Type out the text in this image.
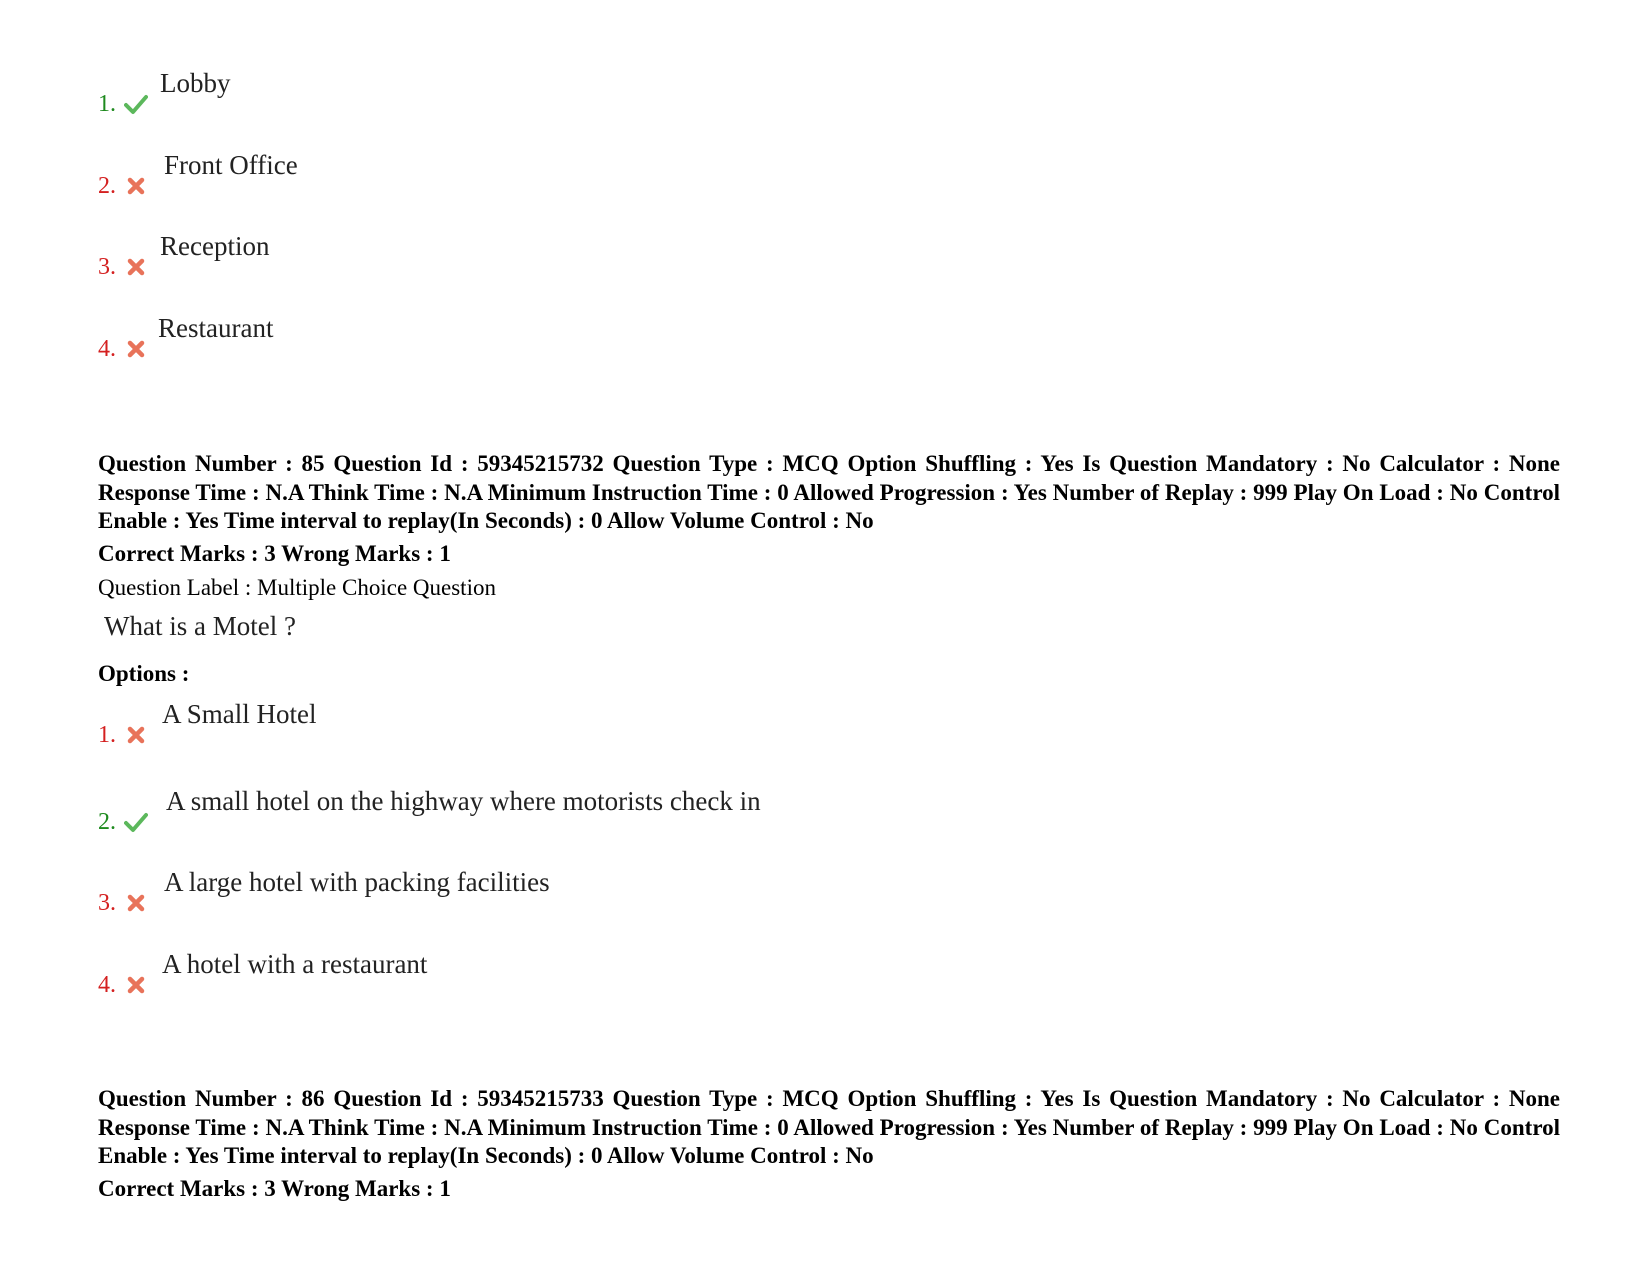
1.
Lobby
2.
Front Office
3.
Reception
4.
Restaurant
Question Number : 85 Question Id : 59345215732 Question Type : MCQ Option Shuffling : Yes Is Question Mandatory : No Calculator : None Response Time : N.A Think Time : N.A Minimum Instruction Time : 0 Allowed Progression : Yes Number of Replay : 999 Play On Load : No Control Enable : Yes Time interval to replay(In Seconds) : 0 Allow Volume Control : No
Correct Marks : 3 Wrong Marks : 1
Question Label : Multiple Choice Question
What is a Motel ?
Options :
1.
A Small Hotel
2.
A small hotel on the highway where motorists check in
3.
A large hotel with packing facilities
4.
A hotel with a restaurant
Question Number : 86 Question Id : 59345215733 Question Type : MCQ Option Shuffling : Yes Is Question Mandatory : No Calculator : None Response Time : N.A Think Time : N.A Minimum Instruction Time : 0 Allowed Progression : Yes Number of Replay : 999 Play On Load : No Control Enable : Yes Time interval to replay(In Seconds) : 0 Allow Volume Control : No
Correct Marks : 3 Wrong Marks : 1
